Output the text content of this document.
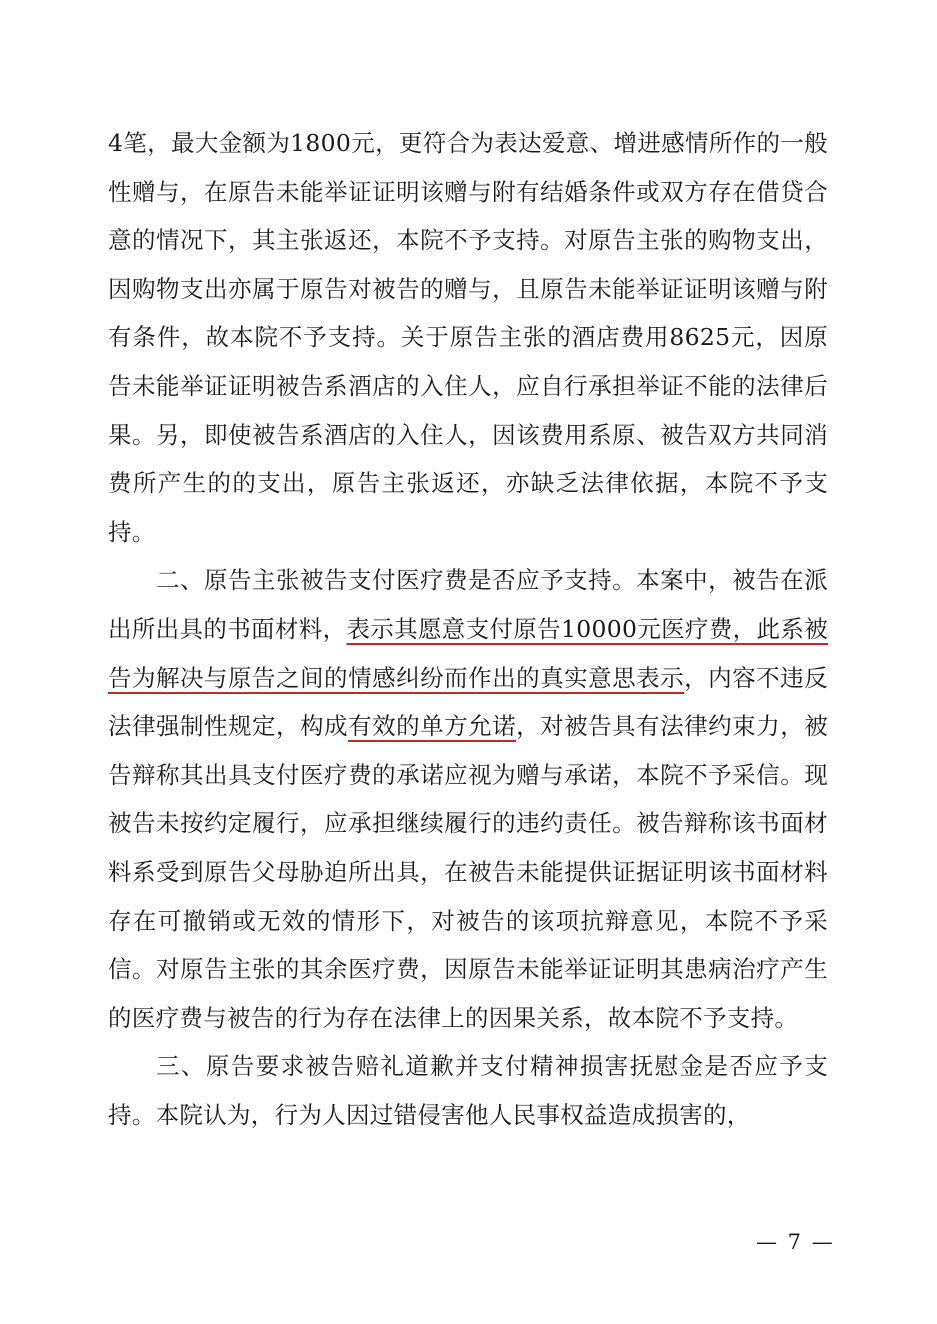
4笔，最大金额为1800元，更符合为表达爱意、增进感情所作的一般性赠与，在原告未能举证证明该赠与附有结婚条件或双方存在借贷合意的情况下，其主张返还，本院不予支持。对原告主张的购物支出，因购物支出亦属于原告对被告的赠与，且原告未能举证证明该赠与附有条件，故本院不予支持。关于原告主张的酒店费用8625元，因原告未能举证证明被告系酒店的入住人，应自行承担举证不能的法律后果。另，即使被告系酒店的入住人，因该费用系原、被告双方共同消费所产生的的支出，原告主张返还，亦缺乏法律依据，本院不予支持。

二、原告主张被告支付医疗费是否应予支持。本案中，被告在派出所出具的书面材料，表示其愿意支付原告10000元医疗费，此系被告为解决与原告之间的情感纠纷而作出的真实意思表示，内容不违反法律强制性规定，构成有效的单方允诺，对被告具有法律约束力，被告辩称其出具支付医疗费的承诺应视为赠与承诺，本院不予采信。现被告未按约定履行，应承担继续履行的违约责任。被告辩称该书面材料系受到原告父母胁迫所出具，在被告未能提供证据证明该书面材料存在可撤销或无效的情形下，对被告的该项抗辩意见，本院不予采信。对原告主张的其余医疗费，因原告未能举证证明其患病治疗产生的医疗费与被告的行为存在法律上的因果关系，故本院不予支持。

三、原告要求被告赔礼道歉并支付精神损害抚慰金是否应予支持。本院认为，行为人因过错侵害他人民事权益造成损害的，

— 7 —
